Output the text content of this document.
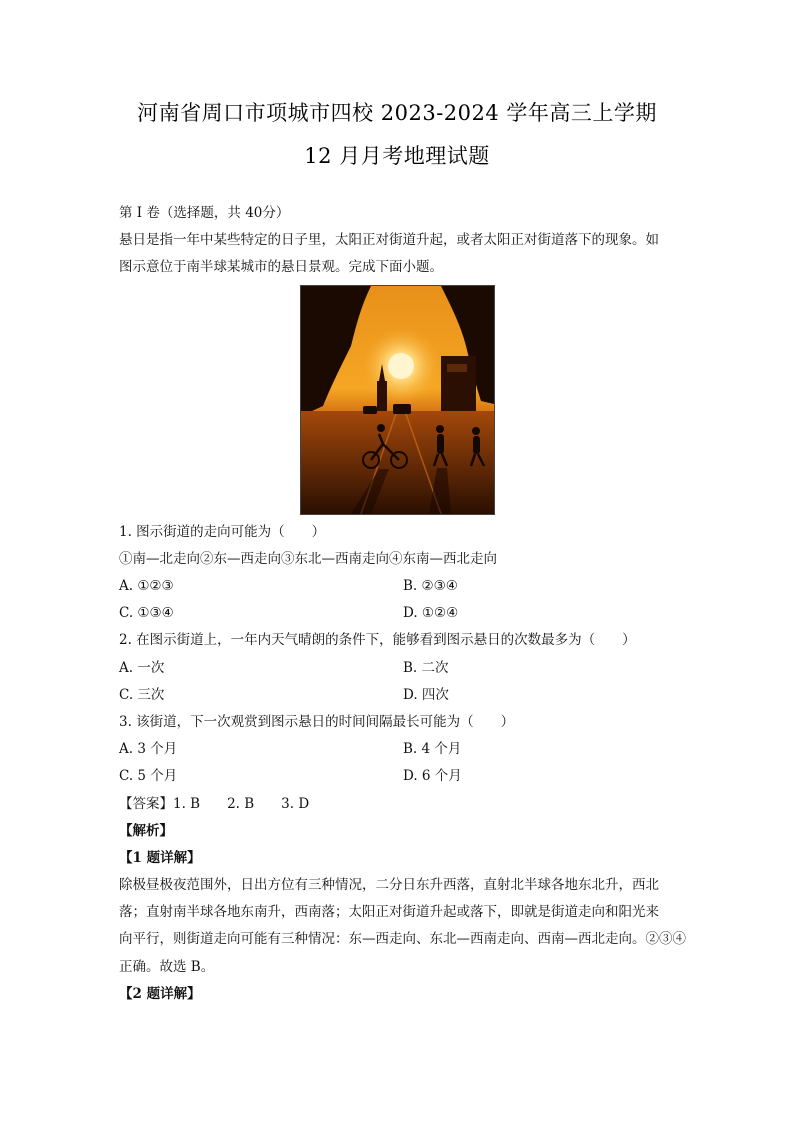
河南省周口市项城市四校 2023-2024 学年高三上学期
12 月月考地理试题
第 I 卷（选择题，共 40分）
悬日是指一年中某些特定的日子里，太阳正对街道升起，或者太阳正对街道落下的现象。如
图示意位于南半球某城市的悬日景观。完成下面小题。
1. 图示街道的走向可能为（　　）
①南—北走向②东—西走向③东北—西南走向④东南—西北走向
A. ①②③	B. ②③④
C. ①③④	D. ①②④
2. 在图示街道上，一年内天气晴朗的条件下，能够看到图示悬日的次数最多为（　　）
A. 一次	B. 二次
C. 三次	D. 四次
3. 该街道，下一次观赏到图示悬日的时间间隔最长可能为（　　）
A. 3 个月	B. 4 个月
C. 5 个月	D. 6 个月
【答案】1. B　　2. B　　3. D
【解析】
【1 题详解】
除极昼极夜范围外，日出方位有三种情况，二分日东升西落，直射北半球各地东北升，西北
落；直射南半球各地东南升，西南落；太阳正对街道升起或落下，即就是街道走向和阳光来
向平行，则街道走向可能有三种情况：东—西走向、东北—西南走向、西南—西北走向。②③④
正确。故选 B。
【2 题详解】
